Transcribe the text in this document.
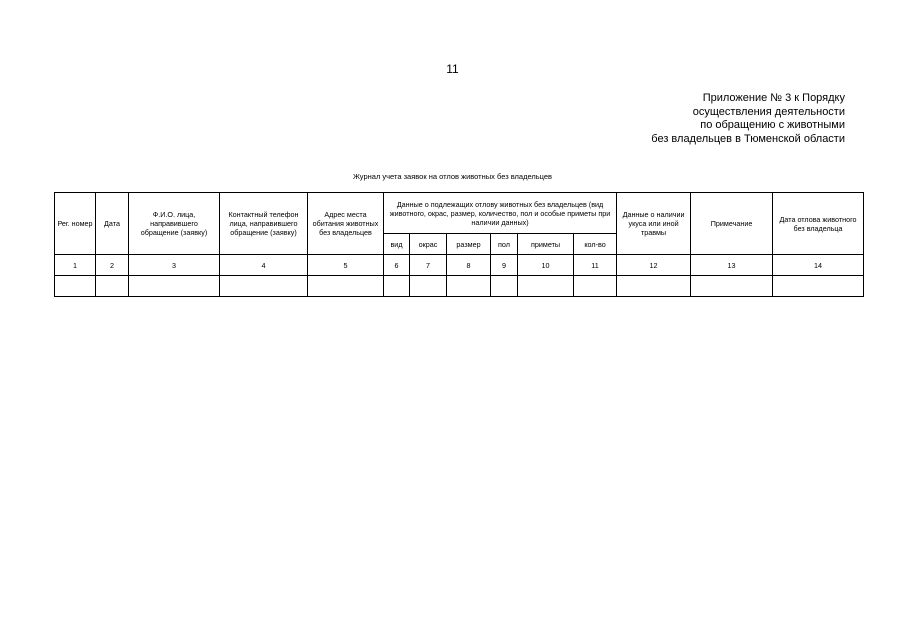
11
Приложение № 3 к Порядку
осуществления деятельности
по обращению с животными
без владельцев в Тюменской области
Журнал учета заявок на отлов животных без владельцев
Рег. номер	Дата	Ф.И.О. лица, направившего обращение (заявку)	Контактный телефон лица, направившего обращение (заявку)	Адрес места обитания животных без владельцев	Данные о подлежащих отлову животных без владельцев (вид животного, окрас, размер, количество, пол и особые приметы при наличии данных)						Данные о наличии укуса или иной травмы	Примечание	Дата отлова животного без владельца
					вид	окрас	размер	пол	приметы	кол-во			
1	2	3	4	5	6	7	8	9	10	11	12	13	14
